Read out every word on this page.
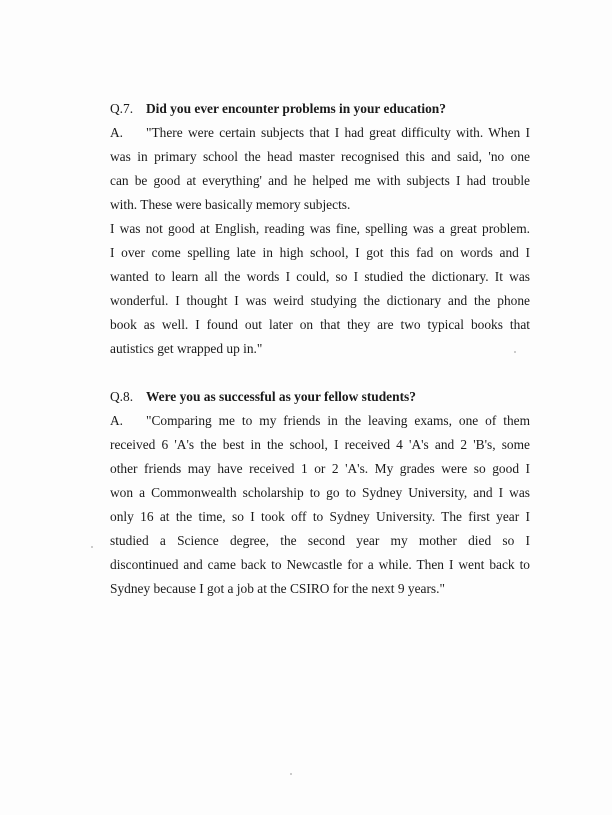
Q.7. Did you ever encounter problems in your education?
A. "There were certain subjects that I had great difficulty with. When I
was in primary school the head master recognised this and said, 'no one
can be good at everything' and he helped me with subjects I had trouble
with. These were basically memory subjects.
I was not good at English, reading was fine, spelling was a great problem.
I over come spelling late in high school, I got this fad on words and I
wanted to learn all the words I could, so I studied the dictionary. It was
wonderful. I thought I was weird studying the dictionary and the phone
book as well. I found out later on that they are two typical books that
autistics get wrapped up in."
Q.8. Were you as successful as your fellow students?
A. "Comparing me to my friends in the leaving exams, one of them
received 6 'A's the best in the school, I received 4 'A's and 2 'B's, some
other friends may have received 1 or 2 'A's. My grades were so good I
won a Commonwealth scholarship to go to Sydney University, and I was
only 16 at the time, so I took off to Sydney University. The first year I
studied a Science degree, the second year my mother died so I
discontinued and came back to Newcastle for a while. Then I went back to
Sydney because I got a job at the CSIRO for the next 9 years."
